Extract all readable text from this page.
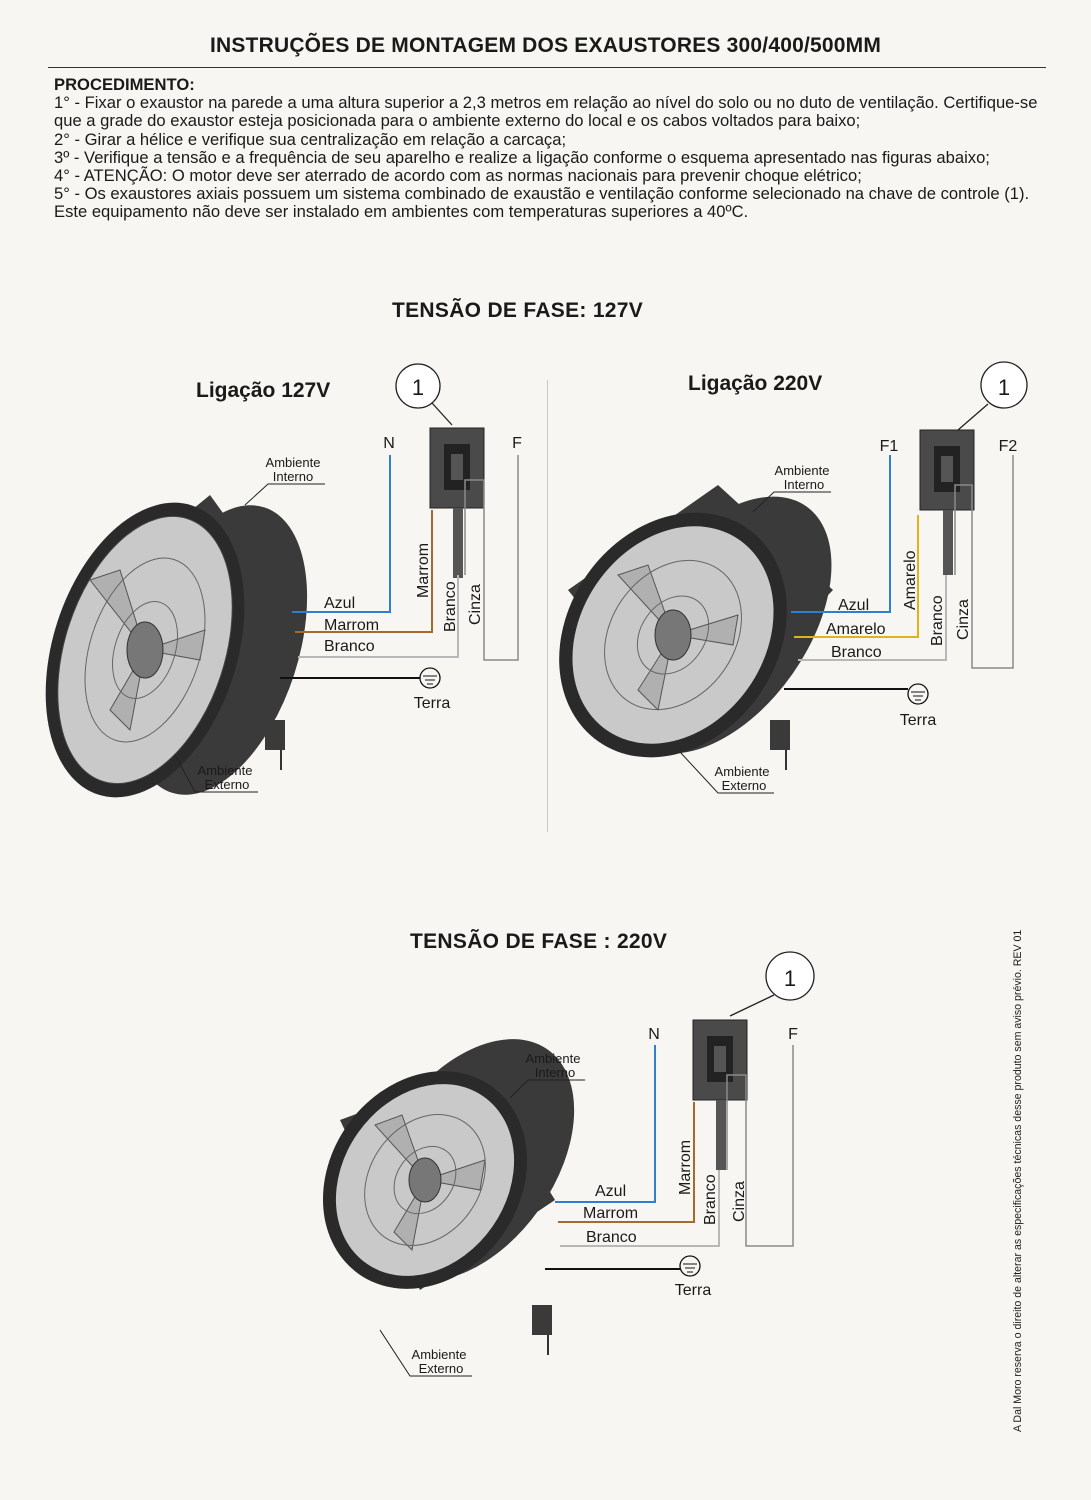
INSTRUÇÕES DE MONTAGEM DOS EXAUSTORES 300/400/500MM
PROCEDIMENTO:

1° - Fixar o exaustor na parede a uma altura superior a 2,3 metros em relação ao nível do solo ou no duto de ventilação. Certifique-se que a grade do exaustor esteja posicionada para o ambiente externo do local e os cabos voltados para baixo;

2° - Girar a hélice e verifique sua centralização em relação a carcaça;

3º - Verifique a tensão e a frequência de seu aparelho e realize a ligação conforme o esquema apresentado nas figuras abaixo;

4° - ATENÇÃO: O motor deve ser aterrado de acordo com as normas nacionais para prevenir choque elétrico;

5° - Os exaustores axiais possuem um sistema combinado de exaustão e ventilação conforme selecionado na chave de controle (1).

Este equipamento não deve ser instalado em ambientes com temperaturas superiores a 40ºC.

TENSÃO DE FASE: 127V
Ligação 127V	1
N	F
Ambiente
Interno
Azul
Marrom
Branco
Marrom
Branco Cinza
Terra
Ambiente
Externo
Ligação 220V	1
F1	F2
Ambiente
Interno
Azul
Amarelo
Branco
Amarelo
Branco Cinza
Terra
Ambiente
Externo
TENSÃO DE FASE : 220V
1
N	F
Ambiente
Interno
Azul
Marrom
Branco
Marrom
Branco Cinza
Terra
Ambiente
Externo	A Dal Moro reserva o direito de alterar as especificações técnicas desse produto sem aviso prévio. REV 01
